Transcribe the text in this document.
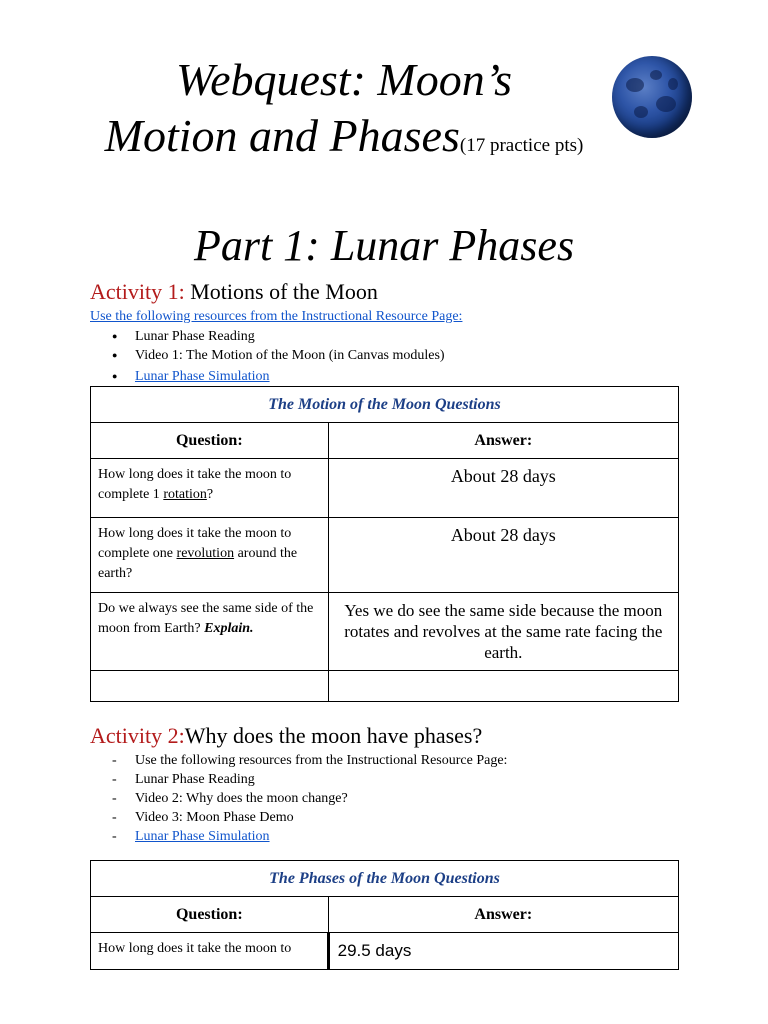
Webquest: Moon’s
Motion and Phases(17 practice pts)
Part 1: Lunar Phases
Activity 1: Motions of the Moon
Use the following resources from the Instructional Resource Page:
● Lunar Phase Reading
● Video 1: The Motion of the Moon (in Canvas modules)
● Lunar Phase Simulation
The Motion of the Moon Questions	
Question:	Answer:
How long does it take the moon to complete 1 rotation?	About 28 days
How long does it take the moon to complete one revolution around the earth?	About 28 days
Do we always see the same side of the moon from Earth? Explain.	Yes we do see the same side because the moon rotates and revolves at the same rate facing the earth.

Activity 2:Why does the moon have phases?
- Use the following resources from the Instructional Resource Page:
- Lunar Phase Reading
- Video 2: Why does the moon change?
- Video 3: Moon Phase Demo
- Lunar Phase Simulation
The Phases of the Moon Questions	
Question:	Answer:
How long does it take the moon to	29.5 days
